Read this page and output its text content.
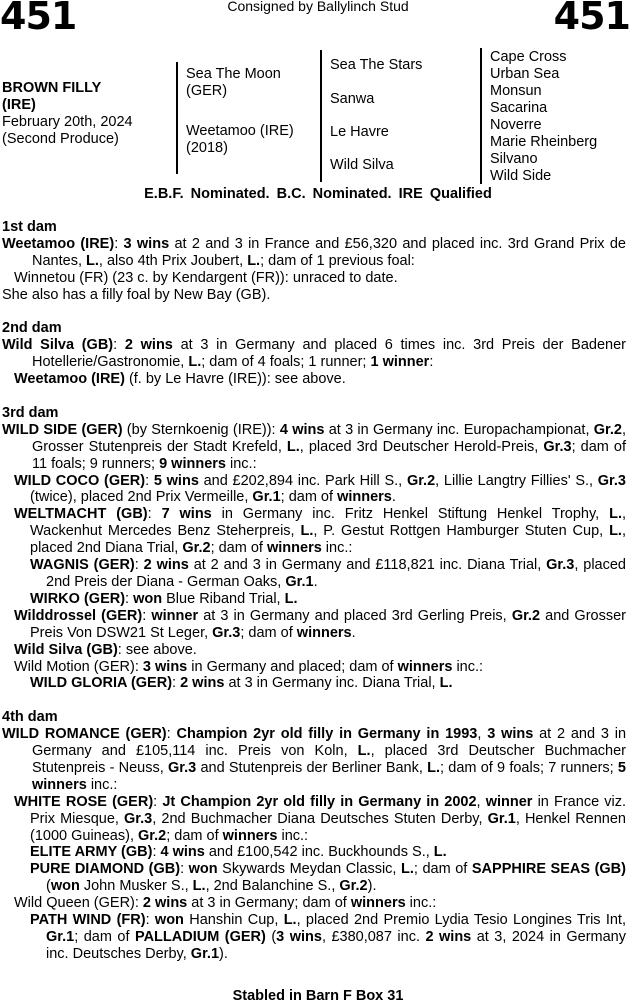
451	Consigned by Ballylinch Stud	451
BROWN FILLY
(IRE)
February 20th, 2024
(Second Produce)
Sea The Moon
(GER)
Weetamoo (IRE)
(2018)
Sea The Stars
Sanwa
Le Havre
Wild Silva
Cape Cross
Urban Sea
Monsun
Sacarina
Noverre
Marie Rheinberg
Silvano
Wild Side
E.B.F. Nominated. B.C. Nominated. IRE Qualified
1st dam
Weetamoo (IRE): 3 wins at 2 and 3 in France and £56,320 and placed inc. 3rd Grand Prix de Nantes, L., also 4th Prix Joubert, L.; dam of 1 previous foal:
Winnetou (FR) (23 c. by Kendargent (FR)): unraced to date.
She also has a filly foal by New Bay (GB).
2nd dam
Wild Silva (GB): 2 wins at 3 in Germany and placed 6 times inc. 3rd Preis der Badener Hotellerie/Gastronomie, L.; dam of 4 foals; 1 runner; 1 winner:
Weetamoo (IRE) (f. by Le Havre (IRE)): see above.
3rd dam
WILD SIDE (GER) (by Sternkoenig (IRE)): 4 wins at 3 in Germany inc. Europachampionat, Gr.2, Grosser Stutenpreis der Stadt Krefeld, L., placed 3rd Deutscher Herold-Preis, Gr.3; dam of 11 foals; 9 runners; 9 winners inc.:
WILD COCO (GER): 5 wins and £202,894 inc. Park Hill S., Gr.2, Lillie Langtry Fillies' S., Gr.3 (twice), placed 2nd Prix Vermeille, Gr.1; dam of winners.
WELTMACHT (GB): 7 wins in Germany inc. Fritz Henkel Stiftung Henkel Trophy, L., Wackenhut Mercedes Benz Steherpreis, L., P. Gestut Rottgen Hamburger Stuten Cup, L., placed 2nd Diana Trial, Gr.2; dam of winners inc.:
WAGNIS (GER): 2 wins at 2 and 3 in Germany and £118,821 inc. Diana Trial, Gr.3, placed 2nd Preis der Diana - German Oaks, Gr.1.
WIRKO (GER): won Blue Riband Trial, L.
Wilddrossel (GER): winner at 3 in Germany and placed 3rd Gerling Preis, Gr.2 and Grosser Preis Von DSW21 St Leger, Gr.3; dam of winners.
Wild Silva (GB): see above.
Wild Motion (GER): 3 wins in Germany and placed; dam of winners inc.:
WILD GLORIA (GER): 2 wins at 3 in Germany inc. Diana Trial, L.
4th dam
WILD ROMANCE (GER): Champion 2yr old filly in Germany in 1993, 3 wins at 2 and 3 in Germany and £105,114 inc. Preis von Koln, L., placed 3rd Deutscher Buchmacher Stutenpreis - Neuss, Gr.3 and Stutenpreis der Berliner Bank, L.; dam of 9 foals; 7 runners; 5 winners inc.:
WHITE ROSE (GER): Jt Champion 2yr old filly in Germany in 2002, winner in France viz. Prix Miesque, Gr.3, 2nd Buchmacher Diana Deutsches Stuten Derby, Gr.1, Henkel Rennen (1000 Guineas), Gr.2; dam of winners inc.:
ELITE ARMY (GB): 4 wins and £100,542 inc. Buckhounds S., L.
PURE DIAMOND (GB): won Skywards Meydan Classic, L.; dam of SAPPHIRE SEAS (GB) (won John Musker S., L., 2nd Balanchine S., Gr.2).
Wild Queen (GER): 2 wins at 3 in Germany; dam of winners inc.:
PATH WIND (FR): won Hanshin Cup, L., placed 2nd Premio Lydia Tesio Longines Tris Int, Gr.1; dam of PALLADIUM (GER) (3 wins, £380,087 inc. 2 wins at 3, 2024 in Germany inc. Deutsches Derby, Gr.1).
Stabled in Barn F Box 31
